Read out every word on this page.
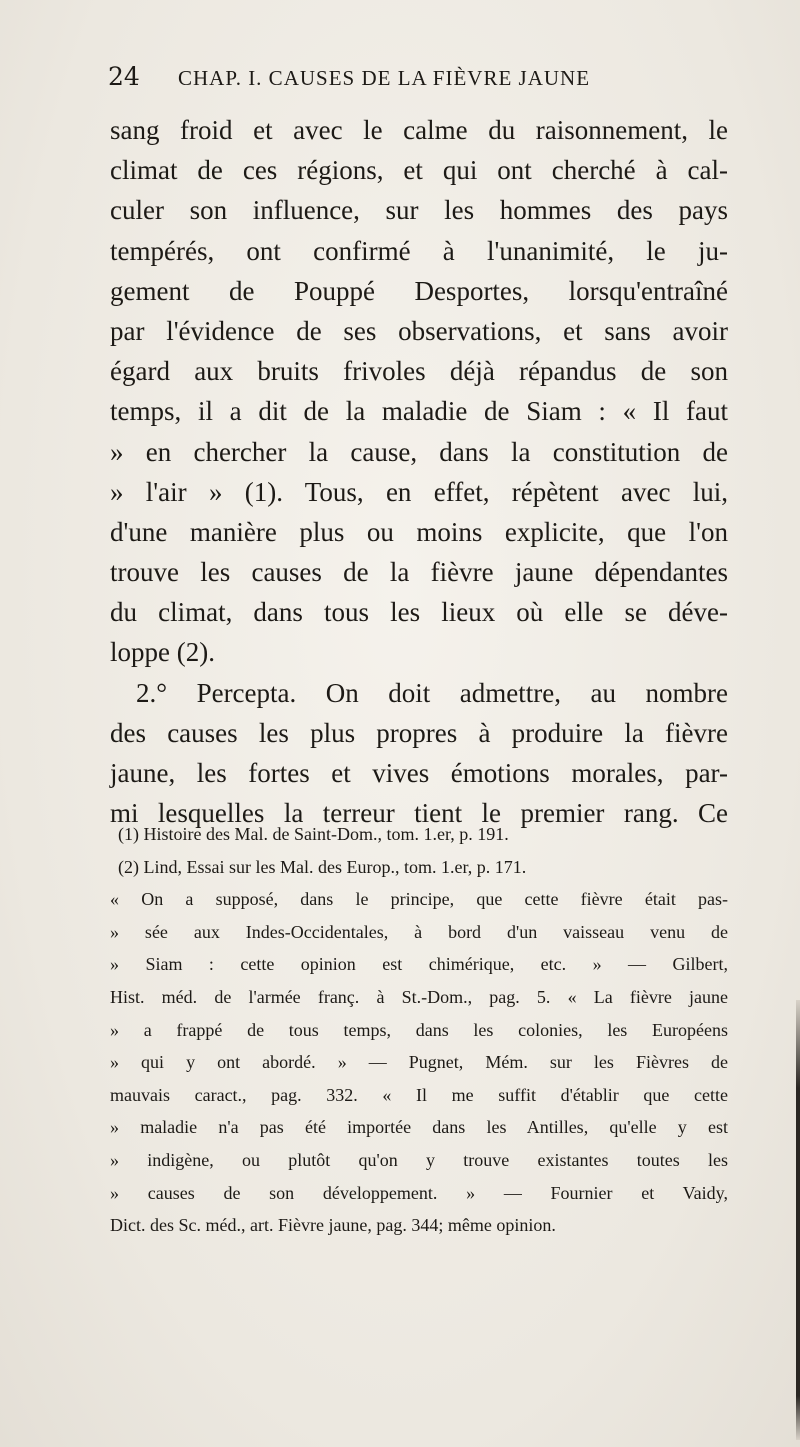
24	CHAP. I. CAUSES DE LA FIÈVRE JAUNE
sang froid et avec le calme du raisonnement, le
climat de ces régions, et qui ont cherché à cal-
culer son influence, sur les hommes des pays
tempérés, ont confirmé à l'unanimité, le ju-
gement de Pouppé Desportes, lorsqu'entraîné
par l'évidence de ses observations, et sans avoir
égard aux bruits frivoles déjà répandus de son
temps, il a dit de la maladie de Siam : « Il faut
» en chercher la cause, dans la constitution de
» l'air » (1). Tous, en effet, répètent avec lui,
d'une manière plus ou moins explicite, que l'on
trouve les causes de la fièvre jaune dépendantes
du climat, dans tous les lieux où elle se déve-
loppe (2).
2.° Percepta. On doit admettre, au nombre
des causes les plus propres à produire la fièvre
jaune, les fortes et vives émotions morales, par-
mi lesquelles la terreur tient le premier rang. Ce
(1) Histoire des Mal. de Saint-Dom., tom. 1.er, p. 191.
(2) Lind, Essai sur les Mal. des Europ., tom. 1.er, p. 171.
« On a supposé, dans le principe, que cette fièvre était pas-
» sée aux Indes-Occidentales, à bord d'un vaisseau venu de
» Siam : cette opinion est chimérique, etc. » — Gilbert,
Hist. méd. de l'armée franç. à St.-Dom., pag. 5. « La fièvre jaune
» a frappé de tous temps, dans les colonies, les Européens
» qui y ont abordé. » — Pugnet, Mém. sur les Fièvres de
mauvais caract., pag. 332. « Il me suffit d'établir que cette
» maladie n'a pas été importée dans les Antilles, qu'elle y est
» indigène, ou plutôt qu'on y trouve existantes toutes les
» causes de son développement. » — Fournier et Vaidy,
Dict. des Sc. méd., art. Fièvre jaune, pag. 344; même opinion.
